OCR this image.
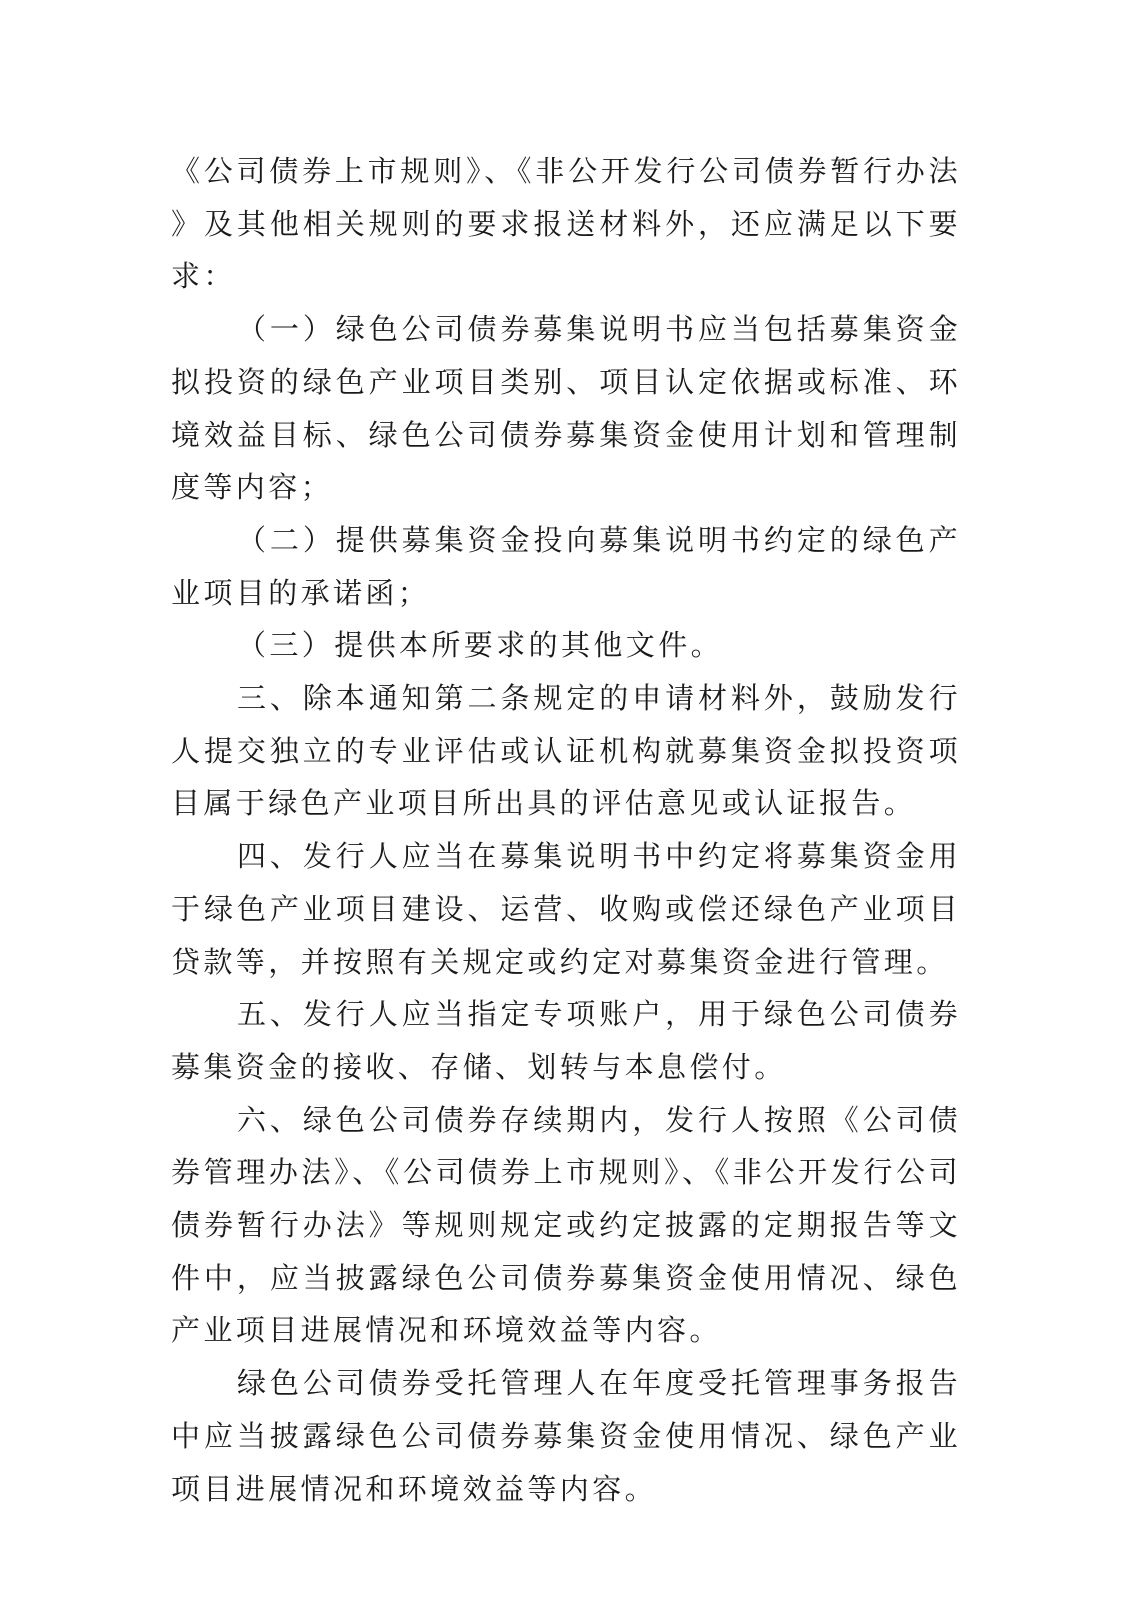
《公司债券上市规则》、《非公开发行公司债券暂行办法》及其他相关规则的要求报送材料外，还应满足以下要求：

（一）绿色公司债券募集说明书应当包括募集资金拟投资的绿色产业项目类别、项目认定依据或标准、环境效益目标、绿色公司债券募集资金使用计划和管理制度等内容；

（二）提供募集资金投向募集说明书约定的绿色产业项目的承诺函；

（三）提供本所要求的其他文件。

三、除本通知第二条规定的申请材料外，鼓励发行人提交独立的专业评估或认证机构就募集资金拟投资项目属于绿色产业项目所出具的评估意见或认证报告。

四、发行人应当在募集说明书中约定将募集资金用于绿色产业项目建设、运营、收购或偿还绿色产业项目贷款等，并按照有关规定或约定对募集资金进行管理。

五、发行人应当指定专项账户，用于绿色公司债券募集资金的接收、存储、划转与本息偿付。

六、绿色公司债券存续期内，发行人按照《公司债券管理办法》、《公司债券上市规则》、《非公开发行公司债券暂行办法》等规则规定或约定披露的定期报告等文件中，应当披露绿色公司债券募集资金使用情况、绿色产业项目进展情况和环境效益等内容。

绿色公司债券受托管理人在年度受托管理事务报告中应当披露绿色公司债券募集资金使用情况、绿色产业项目进展情况和环境效益等内容。
